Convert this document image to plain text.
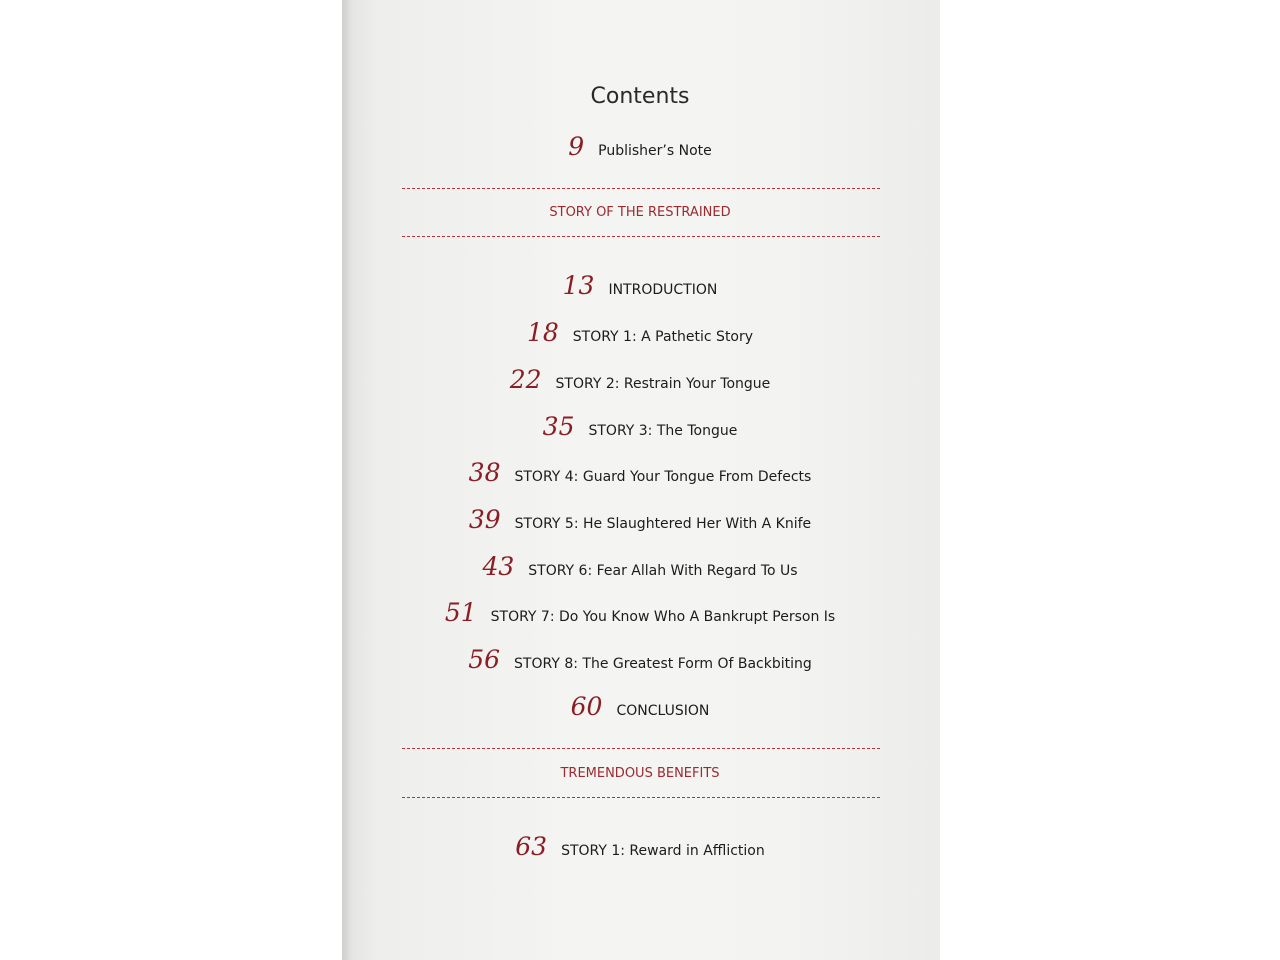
Contents
9 Publisher’s Note
STORY OF THE RESTRAINED
13 INTRODUCTION
18 STORY 1: A Pathetic Story
22 STORY 2: Restrain Your Tongue
35 STORY 3: The Tongue
38 STORY 4: Guard Your Tongue From Defects
39 STORY 5: He Slaughtered Her With A Knife
43 STORY 6: Fear Allah With Regard To Us
51 STORY 7: Do You Know Who A Bankrupt Person Is
56 STORY 8: The Greatest Form Of Backbiting
60 CONCLUSION
TREMENDOUS BENEFITS
63 STORY 1: Reward in Affliction
